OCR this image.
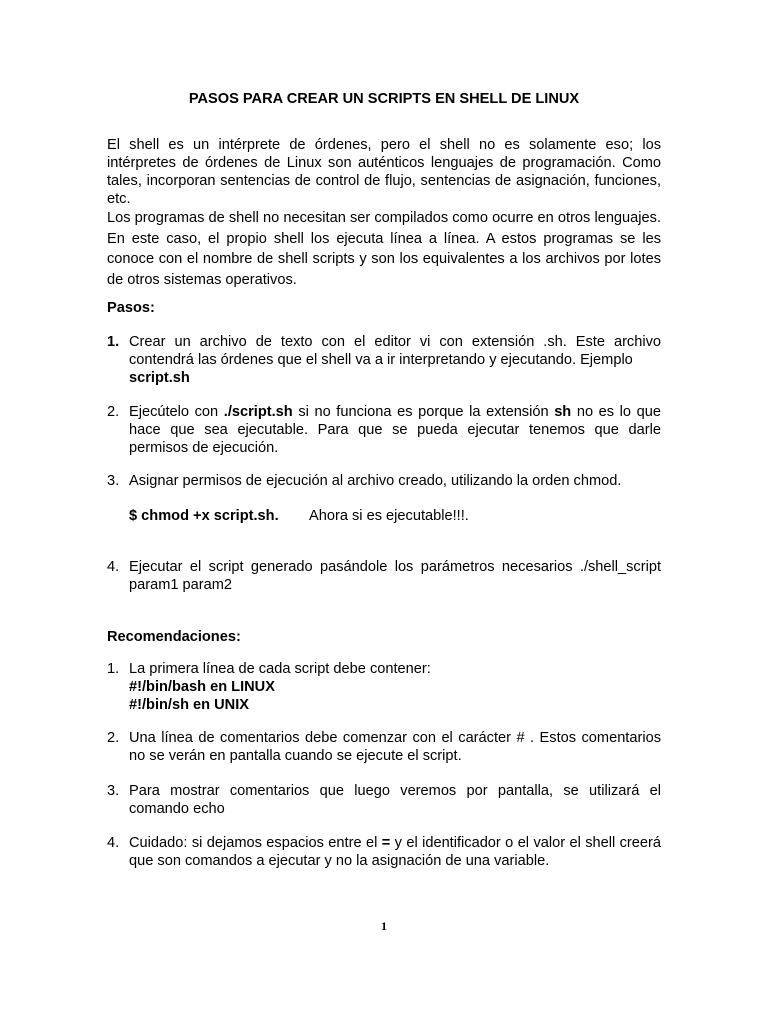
PASOS PARA CREAR UN SCRIPTS EN SHELL DE LINUX

El shell es un intérprete de órdenes, pero el shell no es solamente eso; los intérpretes de órdenes de Linux son auténticos lenguajes de programación. Como tales, incorporan sentencias de control de flujo, sentencias de asignación, funciones, etc.

Los programas de shell no necesitan ser compilados como ocurre en otros lenguajes. En este caso, el propio shell los ejecuta línea a línea. A estos programas se les conoce con el nombre de shell scripts y son los equivalentes a los archivos por lotes de otros sistemas operativos.

Pasos:
1. Crear un archivo de texto con el editor vi con extensión .sh. Este archivo contendrá las órdenes que el shell va a ir interpretando y ejecutando. Ejemplo
script.sh
2. Ejecútelo con ./script.sh si no funciona es porque la extensión sh no es lo que hace que sea ejecutable. Para que se pueda ejecutar tenemos que darle permisos de ejecución.
3. Asignar permisos de ejecución al archivo creado, utilizando la orden chmod.
$ chmod +x script.sh. Ahora si es ejecutable!!!.
4. Ejecutar el script generado pasándole los parámetros necesarios ./shell_script param1 param2
Recomendaciones:
1. La primera línea de cada script debe contener:
#!/bin/bash en LINUX
#!/bin/sh en UNIX
2. Una línea de comentarios debe comenzar con el carácter # . Estos comentarios no se verán en pantalla cuando se ejecute el script.
3. Para mostrar comentarios que luego veremos por pantalla, se utilizará el comando echo
4. Cuidado: si dejamos espacios entre el = y el identificador o el valor el shell creerá que son comandos a ejecutar y no la asignación de una variable.
1
